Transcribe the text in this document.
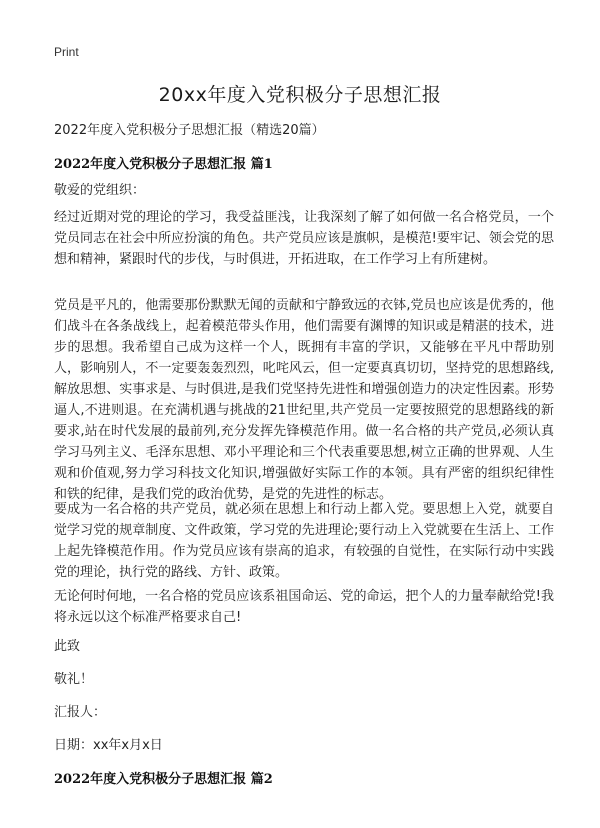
Print
20xx年度入党积极分子思想汇报
2022年度入党积极分子思想汇报（精选20篇）
2022年度入党积极分子思想汇报 篇1
敬爱的党组织：
经过近期对党的理论的学习，我受益匪浅，让我深刻了解了如何做一名合格党员，一个党员同志在社会中所应扮演的角色。共产党员应该是旗帜，是模范!要牢记、领会党的思想和精神，紧跟时代的步伐，与时俱进，开拓进取，在工作学习上有所建树。
党员是平凡的，他需要那份默默无闻的贡献和宁静致远的衣钵,党员也应该是优秀的，他们战斗在各条战线上，起着模范带头作用，他们需要有渊博的知识或是精湛的技术，进步的思想。我希望自己成为这样一个人，既拥有丰富的学识，又能够在平凡中帮助别人，影响别人，不一定要轰轰烈烈，叱咤风云，但一定要真真切切，坚持党的思想路线,解放思想、实事求是、与时俱进,是我们党坚持先进性和增强创造力的决定性因素。形势逼人,不进则退。在充满机遇与挑战的21世纪里,共产党员一定要按照党的思想路线的新要求,站在时代发展的最前列,充分发挥先锋模范作用。做一名合格的共产党员,必须认真学习马列主义、毛泽东思想、邓小平理论和三个代表重要思想,树立正确的世界观、人生观和价值观,努力学习科技文化知识,增强做好实际工作的本领。具有严密的组织纪律性和铁的纪律，是我们党的政治优势，是党的先进性的标志。
要成为一名合格的共产党员，就必须在思想上和行动上都入党。要思想上入党，就要自觉学习党的规章制度、文件政策，学习党的先进理论;要行动上入党就要在生活上、工作上起先锋模范作用。作为党员应该有崇高的追求，有较强的自觉性，在实际行动中实践党的理论，执行党的路线、方针、政策。
无论何时何地，一名合格的党员应该系祖国命运、党的命运，把个人的力量奉献给党!我将永远以这个标准严格要求自己!
此致
敬礼！
汇报人：
日期：xx年x月x日
2022年度入党积极分子思想汇报 篇2
